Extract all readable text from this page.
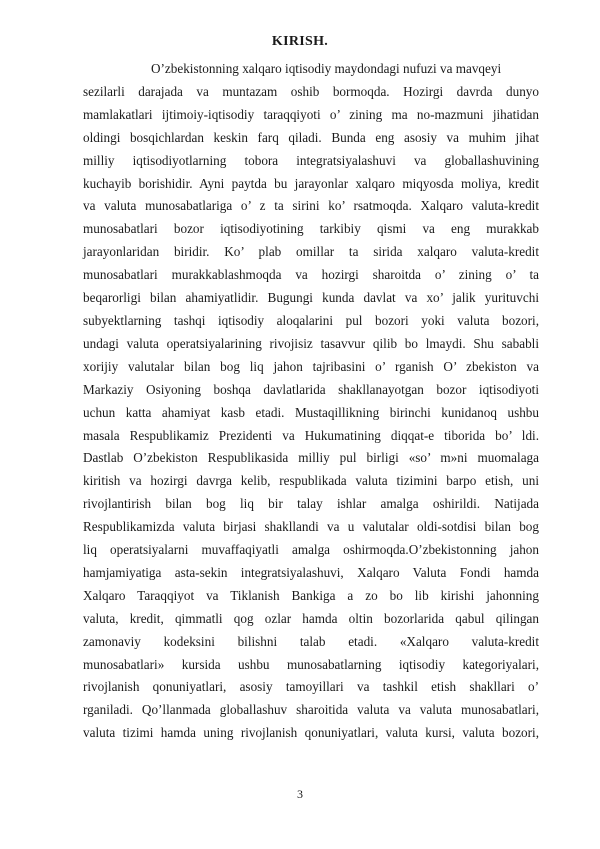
KIRISH.
O’zbekistonning xalqaro iqtisodiy maydondagi nufuzi va mavqeyi
sezilarli darajada va muntazam oshib bormoqda. Hozirgi davrda dunyo
mamlakatlari ijtimoiy-iqtisodiy taraqqiyoti o’ zining ma no-mazmuni jihatidan
oldingi bosqichlardan keskin farq qiladi. Bunda eng asosiy va muhim jihat
milliy iqtisodiyotlarning tobora integratsiyalashuvi va globallashuvining
kuchayib borishidir. Ayni paytda bu jarayonlar xalqaro miqyosda moliya, kredit
va valuta munosabatlariga o’ z ta sirini ko’ rsatmoqda. Xalqaro valuta-kredit
munosabatlari bozor iqtisodiyotining tarkibiy qismi va eng murakkab
jarayonlaridan biridir. Ko’ plab omillar ta sirida xalqaro valuta-kredit
munosabatlari murakkablashmoqda va hozirgi sharoitda o’ zining o’ ta
beqarorligi bilan ahamiyatlidir. Bugungi kunda davlat va xo’ jalik yurituvchi
subyektlarning tashqi iqtisodiy aloqalarini pul bozori yoki valuta bozori,
undagi valuta operatsiyalarining rivojisiz tasavvur qilib bo lmaydi. Shu sababli
xorijiy valutalar bilan bog liq jahon tajribasini o’ rganish O’ zbekiston va
Markaziy Osiyoning boshqa davlatlarida shakllanayotgan bozor iqtisodiyoti
uchun katta ahamiyat kasb etadi. Mustaqillikning birinchi kunidanoq ushbu
masala Respublikamiz Prezidenti va Hukumatining diqqat-e tiborida bo’ ldi.
Dastlab O’zbekiston Respublikasida milliy pul birligi «so’ m»ni muomalaga
kiritish va hozirgi davrga kelib, respublikada valuta tizimini barpo etish, uni
rivojlantirish bilan bog liq bir talay ishlar amalga oshirildi. Natijada
Respublikamizda valuta birjasi shakllandi va u valutalar oldi-sotdisi bilan bog
liq operatsiyalarni muvaffaqiyatli amalga oshirmoqda.O’zbekistonning jahon
hamjamiyatiga asta-sekin integratsiyalashuvi, Xalqaro Valuta Fondi hamda
Xalqaro Taraqqiyot va Tiklanish Bankiga a zo bo lib kirishi jahonning
valuta, kredit, qimmatli qog ozlar hamda oltin bozorlarida qabul qilingan
zamonaviy kodeksini bilishni talab etadi. «Xalqaro valuta-kredit
munosabatlari» kursida ushbu munosabatlarning iqtisodiy kategoriyalari,
rivojlanish qonuniyatlari, asosiy tamoyillari va tashkil etish shakllari o’
rganiladi. Qo’llanmada globallashuv sharoitida valuta va valuta munosabatlari,
valuta tizimi hamda uning rivojlanish qonuniyatlari, valuta kursi, valuta bozori,
3
